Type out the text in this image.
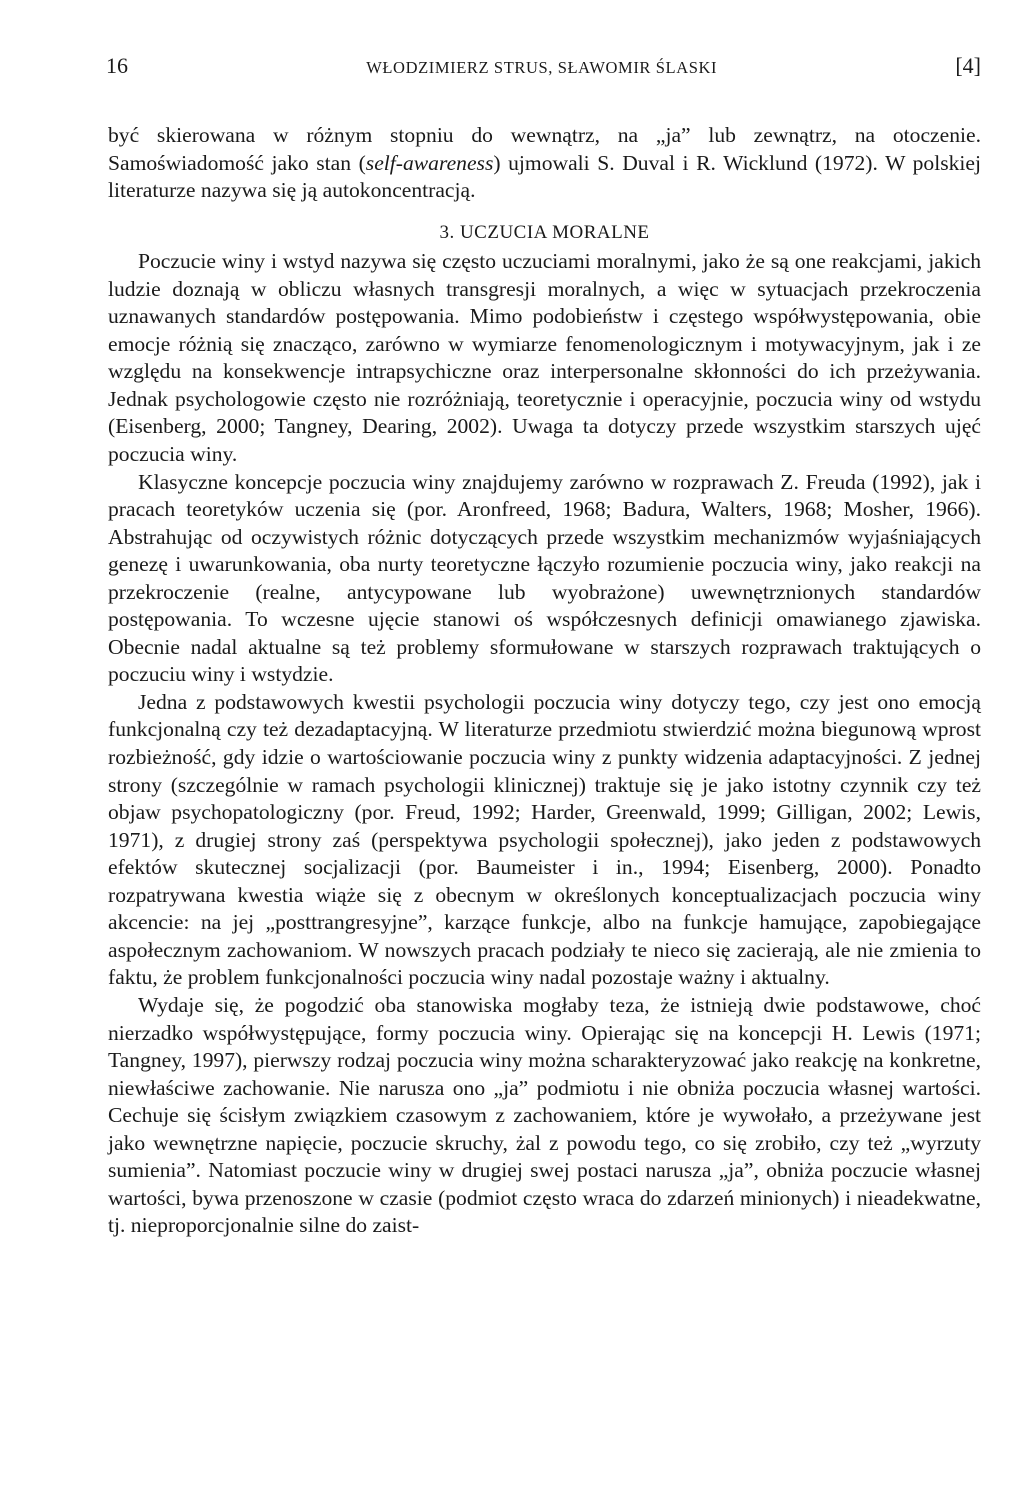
16	WŁODZIMIERZ STRUS, SŁAWOMIR ŚLASKI	[4]

być skierowana w różnym stopniu do wewnątrz, na „ja” lub zewnątrz, na otoczenie. Samoświadomość jako stan (self-awareness) ujmowali S. Duval i R. Wicklund (1972). W polskiej literaturze nazywa się ją autokoncentracją.

3. UCZUCIA MORALNE

Poczucie winy i wstyd nazywa się często uczuciami moralnymi, jako że są one reakcjami, jakich ludzie doznają w obliczu własnych transgresji moralnych, a więc w sytuacjach przekroczenia uznawanych standardów postępowania. Mimo podobieństw i częstego współwystępowania, obie emocje różnią się znacząco, zarówno w wymiarze fenomenologicznym i motywacyjnym, jak i ze względu na konsekwencje intrapsychiczne oraz interpersonalne skłonności do ich przeżywania. Jednak psychologowie często nie rozróżniają, teoretycznie i operacyjnie, poczucia winy od wstydu (Eisenberg, 2000; Tangney, Dearing, 2002). Uwaga ta dotyczy przede wszystkim starszych ujęć poczucia winy.

Klasyczne koncepcje poczucia winy znajdujemy zarówno w rozprawach Z. Freuda (1992), jak i pracach teoretyków uczenia się (por. Aronfreed, 1968; Badura, Walters, 1968; Mosher, 1966). Abstrahując od oczywistych różnic dotyczących przede wszystkim mechanizmów wyjaśniających genezę i uwarunkowania, oba nurty teoretyczne łączyło rozumienie poczucia winy, jako reakcji na przekroczenie (realne, antycypowane lub wyobrażone) uwewnętrznionych standardów postępowania. To wczesne ujęcie stanowi oś współczesnych definicji omawianego zjawiska. Obecnie nadal aktualne są też problemy sformułowane w starszych rozprawach traktujących o poczuciu winy i wstydzie.

Jedna z podstawowych kwestii psychologii poczucia winy dotyczy tego, czy jest ono emocją funkcjonalną czy też dezadaptacyjną. W literaturze przedmiotu stwierdzić można biegunową wprost rozbieżność, gdy idzie o wartościowanie poczucia winy z punkty widzenia adaptacyjności. Z jednej strony (szczególnie w ramach psychologii klinicznej) traktuje się je jako istotny czynnik czy też objaw psychopatologiczny (por. Freud, 1992; Harder, Greenwald, 1999; Gilligan, 2002; Lewis, 1971), z drugiej strony zaś (perspektywa psychologii społecznej), jako jeden z podstawowych efektów skutecznej socjalizacji (por. Baumeister i in., 1994; Eisenberg, 2000). Ponadto rozpatrywana kwestia wiąże się z obecnym w określonych konceptualizacjach poczucia winy akcencie: na jej „posttrangresyjne”, karzące funkcje, albo na funkcje hamujące, zapobiegające aspołecznym zachowaniom. W nowszych pracach podziały te nieco się zacierają, ale nie zmienia to faktu, że problem funkcjonalności poczucia winy nadal pozostaje ważny i aktualny.

Wydaje się, że pogodzić oba stanowiska mogłaby teza, że istnieją dwie podstawowe, choć nierzadko współwystępujące, formy poczucia winy. Opierając się na koncepcji H. Lewis (1971; Tangney, 1997), pierwszy rodzaj poczucia winy można scharakteryzować jako reakcję na konkretne, niewłaściwe zachowanie. Nie narusza ono „ja” podmiotu i nie obniża poczucia własnej wartości. Cechuje się ścisłym związkiem czasowym z zachowaniem, które je wywołało, a przeżywane jest jako wewnętrzne napięcie, poczucie skruchy, żal z powodu tego, co się zrobiło, czy też „wyrzuty sumienia”. Natomiast poczucie winy w drugiej swej postaci narusza „ja”, obniża poczucie własnej wartości, bywa przenoszone w czasie (podmiot często wraca do zdarzeń minionych) i nieadekwatne, tj. nieproporcjonalnie silne do zaist-
